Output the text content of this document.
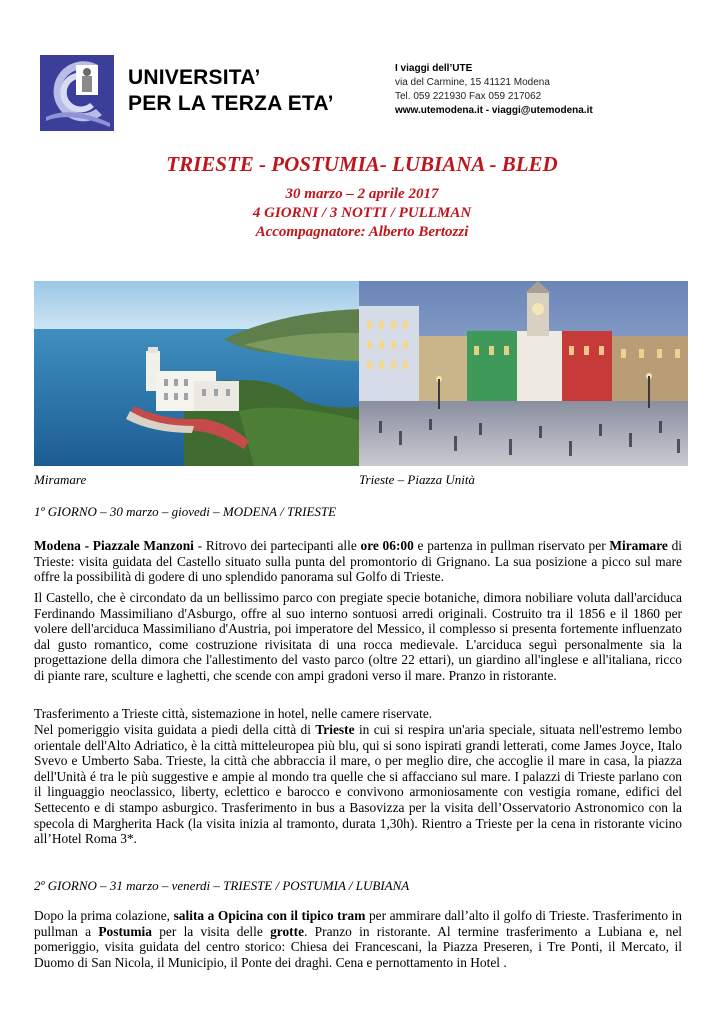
UNIVERSITA’
PER LA TERZA ETA’
I viaggi dell’UTE
via del Carmine, 15 41121 Modena
Tel. 059 221930 Fax 059 217062
www.utemodena.it - viaggi@utemodena.it
TRIESTE - POSTUMIA- LUBIANA - BLED
30 marzo – 2 aprile 2017
4 GIORNI / 3 NOTTI / PULLMAN
Accompagnatore: Alberto Bertozzi
Miramare	Trieste – Piazza Unità
1º GIORNO – 30 marzo – giovedi – MODENA / TRIESTE
Modena - Piazzale Manzoni - Ritrovo dei partecipanti alle ore 06:00 e partenza in pullman riservato per Miramare di Trieste: visita guidata del Castello situato sulla punta del promontorio di Grignano. La sua posizione a picco sul mare offre la possibilità di godere di uno splendido panorama sul Golfo di Trieste.
Il Castello, che è circondato da un bellissimo parco con pregiate specie botaniche, dimora nobiliare voluta dall'arciduca Ferdinando Massimiliano d'Asburgo, offre al suo interno sontuosi arredi originali. Costruito tra il 1856 e il 1860 per volere dell'arciduca Massimiliano d'Austria, poi imperatore del Messico, il complesso si presenta fortemente influenzato dal gusto romantico, come costruzione rivisitata di una rocca medievale. L'arciduca seguì personalmente sia la progettazione della dimora che l'allestimento del vasto parco (oltre 22 ettari), un giardino all'inglese e all'italiana, ricco di piante rare, sculture e laghetti, che scende con ampi gradoni verso il mare. Pranzo in ristorante.
Trasferimento a Trieste città, sistemazione in hotel, nelle camere riservate.
Nel pomeriggio visita guidata a piedi della città di Trieste in cui si respira un'aria speciale, situata nell'estremo lembo orientale dell'Alto Adriatico, è la città mitteleuropea più blu, qui si sono ispirati grandi letterati, come James Joyce, Italo Svevo e Umberto Saba. Trieste, la città che abbraccia il mare, o per meglio dire, che accoglie il mare in casa, la piazza dell'Unità é tra le più suggestive e ampie al mondo tra quelle che si affacciano sul mare. I palazzi di Trieste parlano con il linguaggio neoclassico, liberty, eclettico e barocco e convivono armoniosamente con vestigia romane, edifici del Settecento e di stampo asburgico. Trasferimento in bus a Basovizza per la visita dell’Osservatorio Astronomico con la specola di Margherita Hack (la visita inizia al tramonto, durata 1,30h). Rientro a Trieste per la cena in ristorante vicino all’Hotel Roma 3*.
2º GIORNO – 31 marzo – venerdi – TRIESTE / POSTUMIA / LUBIANA
Dopo la prima colazione, salita a Opicina con il tipico tram per ammirare dall’alto il golfo di Trieste. Trasferimento in pullman a Postumia per la visita delle grotte. Pranzo in ristorante. Al termine trasferimento a Lubiana e, nel pomeriggio, visita guidata del centro storico: Chiesa dei Francescani, la Piazza Preseren, i Tre Ponti, il Mercato, il Duomo di San Nicola, il Municipio, il Ponte dei draghi. Cena e pernottamento in Hotel .
